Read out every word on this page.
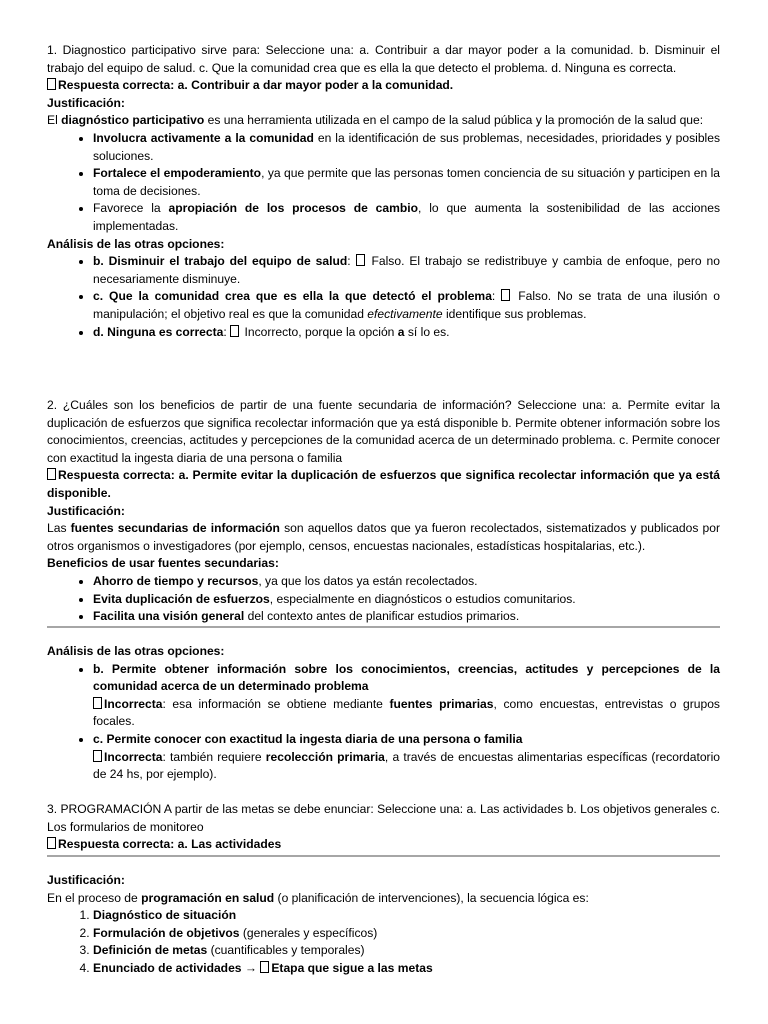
1. Diagnostico participativo sirve para: Seleccione una: a. Contribuir a dar mayor poder a la comunidad. b. Disminuir el trabajo del equipo de salud. c. Que la comunidad crea que es ella la que detecto el problema. d. Ninguna es correcta.

Respuesta correcta: a. Contribuir a dar mayor poder a la comunidad.

Justificación:

El diagnóstico participativo es una herramienta utilizada en el campo de la salud pública y la promoción de la salud que:

• Involucra activamente a la comunidad en la identificación de sus problemas, necesidades, prioridades y posibles soluciones.
• Fortalece el empoderamiento, ya que permite que las personas tomen conciencia de su situación y participen en la toma de decisiones.
• Favorece la apropiación de los procesos de cambio, lo que aumenta la sostenibilidad de las acciones implementadas.

Análisis de las otras opciones:

• b. Disminuir el trabajo del equipo de salud:  Falso. El trabajo se redistribuye y cambia de enfoque, pero no necesariamente disminuye.
• c. Que la comunidad crea que es ella la que detectó el problema:  Falso. No se trata de una ilusión o manipulación; el objetivo real es que la comunidad efectivamente identifique sus problemas.
• d. Ninguna es correcta:  Incorrecto, porque la opción a sí lo es.

2. ¿Cuáles son los beneficios de partir de una fuente secundaria de información? Seleccione una: a. Permite evitar la duplicación de esfuerzos que significa recolectar información que ya está disponible b. Permite obtener información sobre los conocimientos, creencias, actitudes y percepciones de la comunidad acerca de un determinado problema. c. Permite conocer con exactitud la ingesta diaria de una persona o familia

Respuesta correcta: a. Permite evitar la duplicación de esfuerzos que significa recolectar información que ya está disponible.

Justificación:

Las fuentes secundarias de información son aquellos datos que ya fueron recolectados, sistematizados y publicados por otros organismos o investigadores (por ejemplo, censos, encuestas nacionales, estadísticas hospitalarias, etc.).

Beneficios de usar fuentes secundarias:

• Ahorro de tiempo y recursos, ya que los datos ya están recolectados.
• Evita duplicación de esfuerzos, especialmente en diagnósticos o estudios comunitarios.
• Facilita una visión general del contexto antes de planificar estudios primarios.

Análisis de las otras opciones:

• b. Permite obtener información sobre los conocimientos, creencias, actitudes y percepciones de la comunidad acerca de un determinado problema
Incorrecta: esa información se obtiene mediante fuentes primarias, como encuestas, entrevistas o grupos focales.
• c. Permite conocer con exactitud la ingesta diaria de una persona o familia
Incorrecta: también requiere recolección primaria, a través de encuestas alimentarias específicas (recordatorio de 24 hs, por ejemplo).

3. PROGRAMACIÓN A partir de las metas se debe enunciar: Seleccione una: a. Las actividades b. Los objetivos generales c. Los formularios de monitoreo

Respuesta correcta: a. Las actividades

Justificación:

En el proceso de programación en salud (o planificación de intervenciones), la secuencia lógica es:

1. Diagnóstico de situación
2. Formulación de objetivos (generales y específicos)
3. Definición de metas (cuantificables y temporales)
4. Enunciado de actividades → Etapa que sigue a las metas
